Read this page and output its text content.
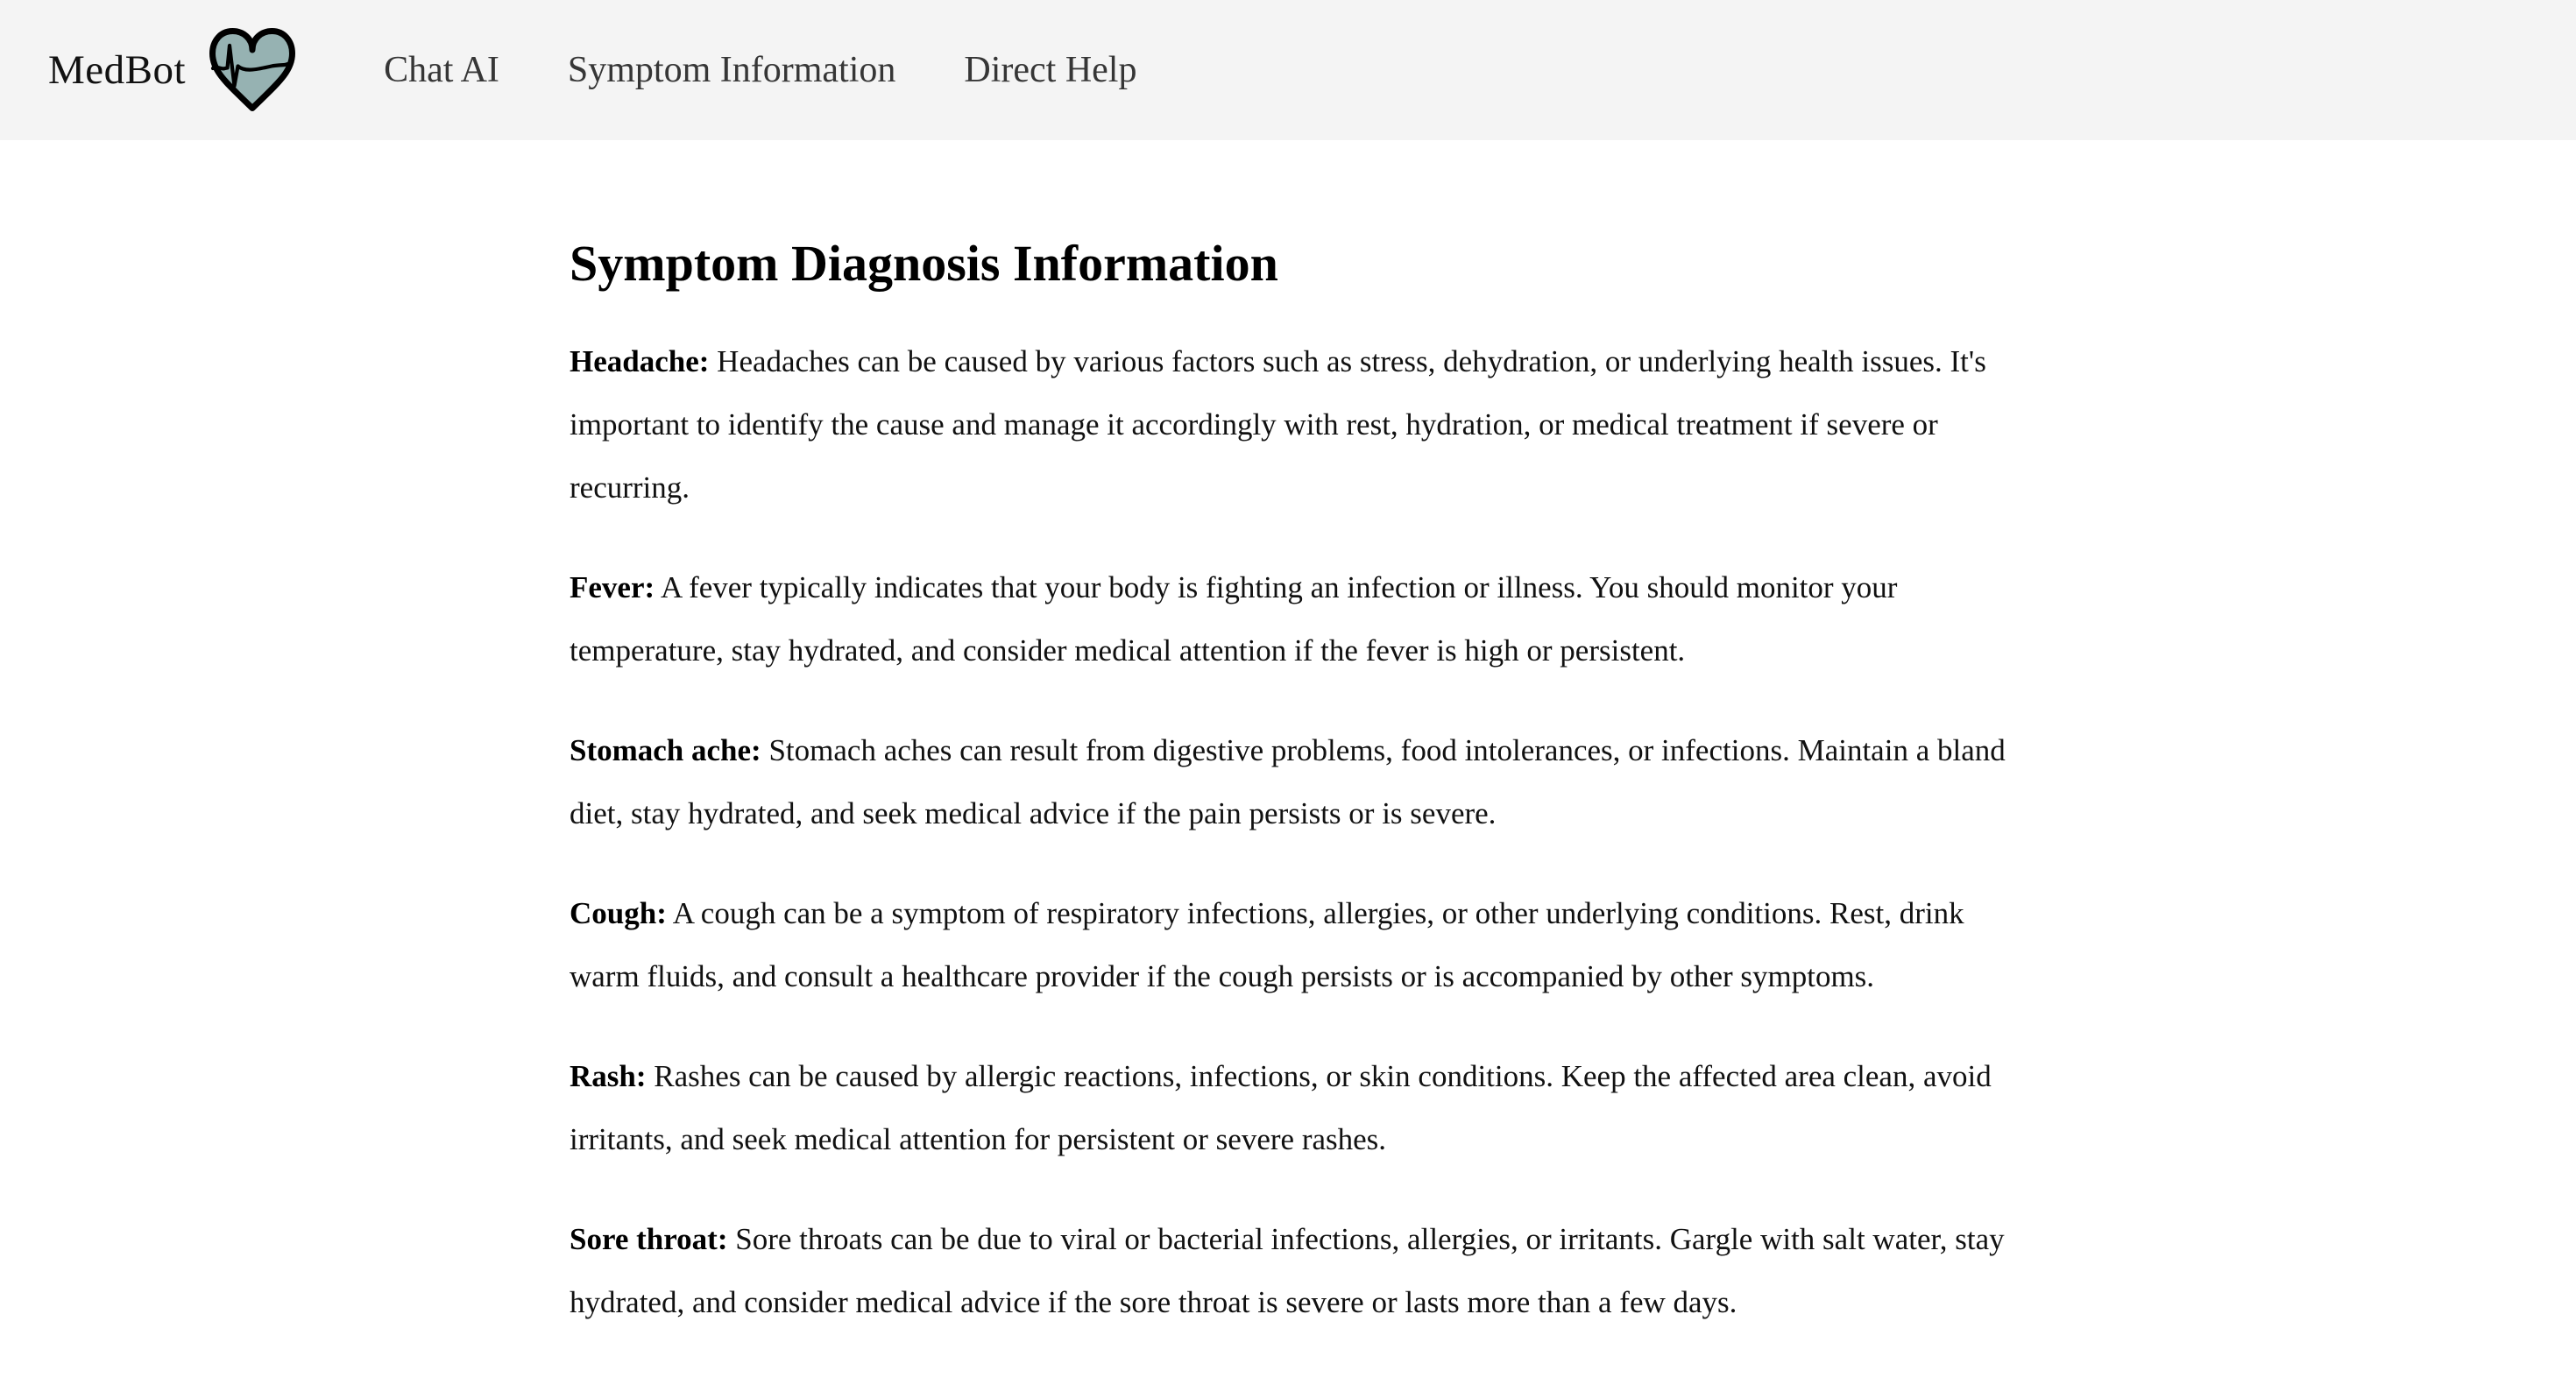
MedBot	Chat AI Symptom Information Direct Help
Symptom Diagnosis Information

Headache: Headaches can be caused by various factors such as stress, dehydration, or underlying health issues. It's important to identify the cause and manage it accordingly with rest, hydration, or medical treatment if severe or recurring.

Fever: A fever typically indicates that your body is fighting an infection or illness. You should monitor your temperature, stay hydrated, and consider medical attention if the fever is high or persistent.

Stomach ache: Stomach aches can result from digestive problems, food intolerances, or infections. Maintain a bland diet, stay hydrated, and seek medical advice if the pain persists or is severe.

Cough: A cough can be a symptom of respiratory infections, allergies, or other underlying conditions. Rest, drink warm fluids, and consult a healthcare provider if the cough persists or is accompanied by other symptoms.

Rash: Rashes can be caused by allergic reactions, infections, or skin conditions. Keep the affected area clean, avoid irritants, and seek medical attention for persistent or severe rashes.

Sore throat: Sore throats can be due to viral or bacterial infections, allergies, or irritants. Gargle with salt water, stay hydrated, and consider medical advice if the sore throat is severe or lasts more than a few days.
